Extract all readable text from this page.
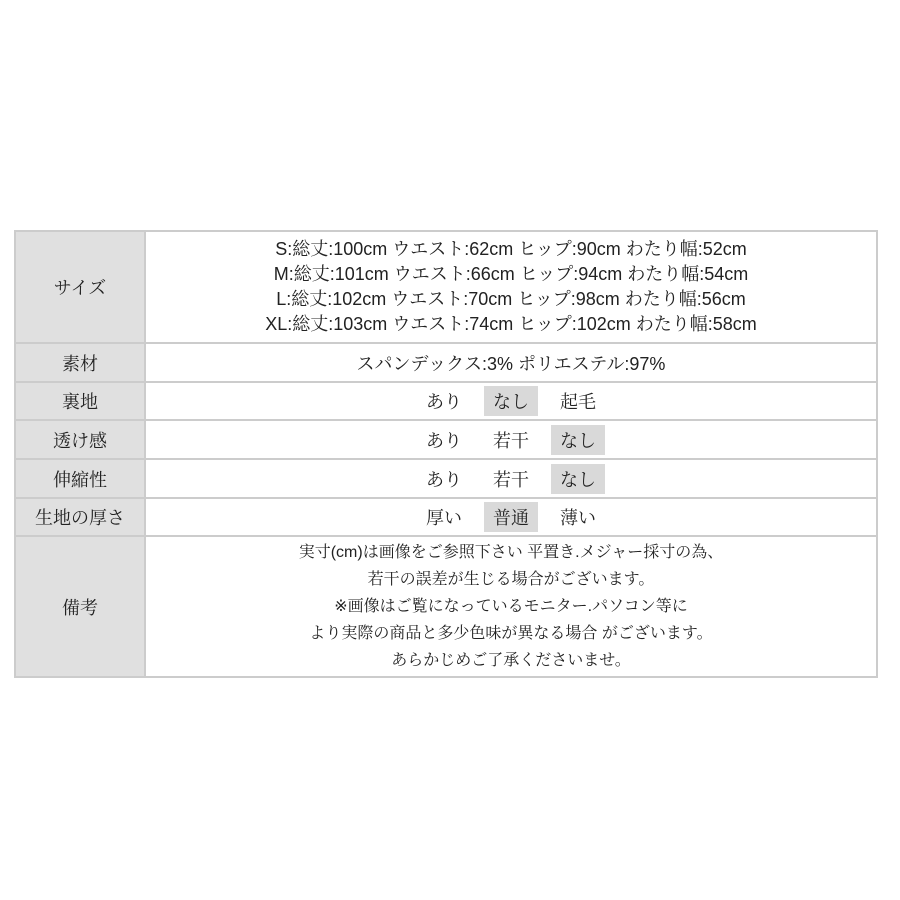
サイズ	S:総丈:100cm ウエスト:62cm ヒップ:90cm わたり幅:52cm
M:総丈:101cm ウエスト:66cm ヒップ:94cm わたり幅:54cm
L:総丈:102cm ウエスト:70cm ヒップ:98cm わたり幅:56cm
XL:総丈:103cm ウエスト:74cm ヒップ:102cm わたり幅:58cm

素材	スパンデックス:3% ポリエステル:97%
裏地	あり なし 起毛
透け感	あり 若干 なし
伸縮性	あり 若干 なし
生地の厚さ	厚い 普通 薄い
備考	実寸(cm)は画像をご参照下さい 平置き.メジャー採寸の為、
若干の誤差が生じる場合がございます。
※画像はご覧になっているモニター.パソコン等に
より実際の商品と多少色味が異なる場合 がございます。
あらかじめご了承くださいませ。
